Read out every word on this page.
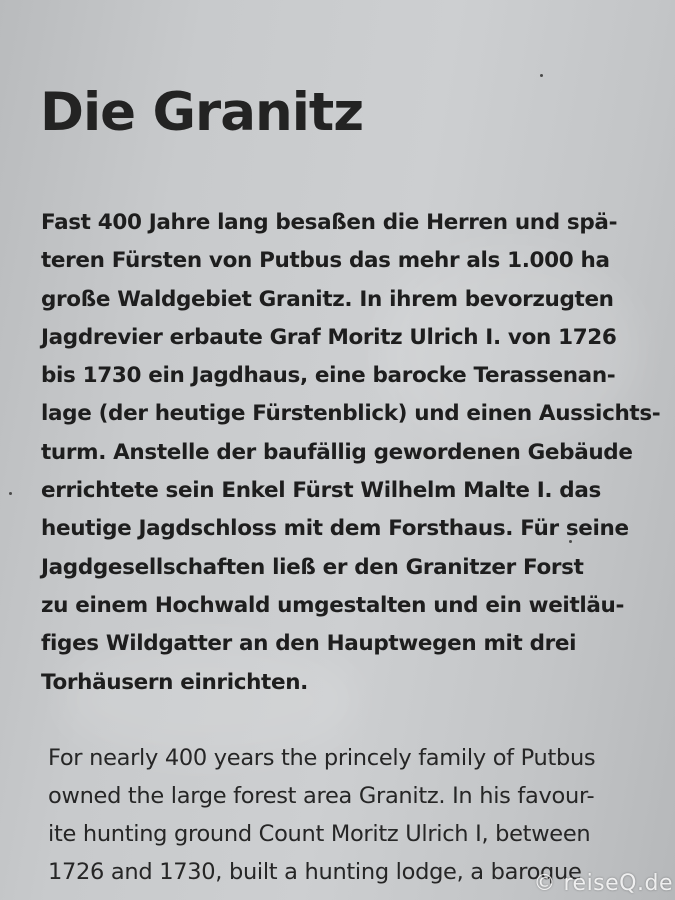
Die Granitz
Fast 400 Jahre lang besaßen die Herren und spä-
teren Fürsten von Putbus das mehr als 1.000 ha
große Waldgebiet Granitz. In ihrem bevorzugten
Jagdrevier erbaute Graf Moritz Ulrich I. von 1726
bis 1730 ein Jagdhaus, eine barocke Terassenan-
lage (der heutige Fürstenblick) und einen Aussichts-
turm. Anstelle der baufällig gewordenen Gebäude
errichtete sein Enkel Fürst Wilhelm Malte I. das
heutige Jagdschloss mit dem Forsthaus. Für seine
Jagdgesellschaften ließ er den Granitzer Forst
zu einem Hochwald umgestalten und ein weitläu-
figes Wildgatter an den Hauptwegen mit drei
Torhäusern einrichten.
For nearly 400 years the princely family of Putbus
owned the large forest area Granitz. In his favour-
ite hunting ground Count Moritz Ulrich I, between
1726 and 1730, built a hunting lodge, a baroque
© reiseQ.de
